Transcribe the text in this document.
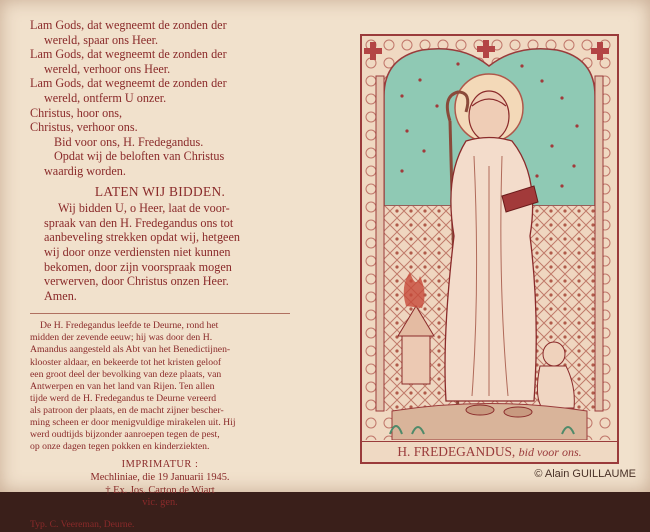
Lam Gods, dat wegneemt de zonden der
wereld, spaar ons Heer.
Lam Gods, dat wegneemt de zonden der
wereld, verhoor ons Heer.
Lam Gods, dat wegneemt de zonden der
wereld, ontferm U onzer.
Christus, hoor ons,
Christus, verhoor ons.
Bid voor ons, H. Fredegandus.
Opdat wij de beloften van Christus
waardig worden.
LATEN WIJ BIDDEN.
Wij bidden U, o Heer, laat de voor-
spraak van den H. Fredegandus ons tot
aanbeveling strekken opdat wij, hetgeen
wij door onze verdiensten niet kunnen
bekomen, door zijn voorspraak mogen
verwerven, door Christus onzen Heer.
Amen.
De H. Fredegandus leefde te Deurne, rond het
midden der zevende eeuw; hij was door den H.
Amandus aangesteld als Abt van het Benedictijnen-
klooster aldaar, en bekeerde tot het kristen geloof
een groot deel der bevolking van deze plaats, van
Antwerpen en van het land van Rijen. Ten allen
tijde werd de H. Fredegandus te Deurne vereerd
als patroon der plaats, en de macht zijner bescher-
ming scheen er door menigvuldige mirakelen uit. Hij
werd oudtijds bijzonder aanroepen tegen de pest,
op onze dagen tegen pokken en kinderziekten.
IMPRIMATUR :
Mechliniae, die 19 Januarii 1945.
† Ex. Jos. Carton de Wiart
vic. gen.
Typ. C. Veereman, Deurne.
H. FREDEGANDUS, bid voor ons.
© Alain GUILLAUME
